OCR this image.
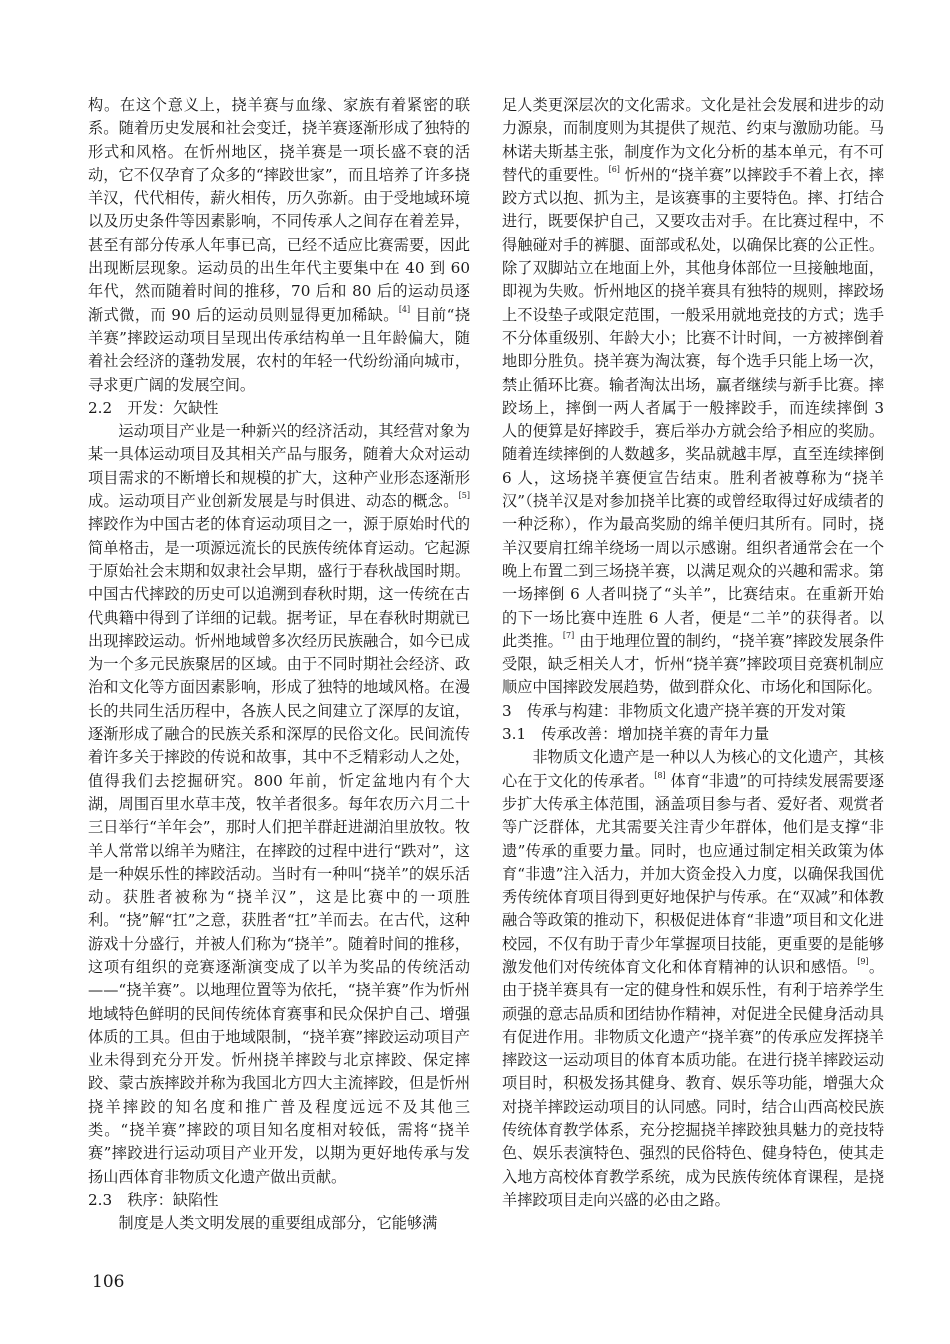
构。在这个意义上，挠羊赛与血缘、家族有着紧密的联系。随着历史发展和社会变迁，挠羊赛逐渐形成了独特的形式和风格。在忻州地区，挠羊赛是一项长盛不衰的活动，它不仅孕育了众多的“摔跤世家”，而且培养了许多挠羊汉，代代相传，薪火相传，历久弥新。由于受地域环境以及历史条件等因素影响，不同传承人之间存在着差异，甚至有部分传承人年事已高，已经不适应比赛需要，因此出现断层现象。运动员的出生年代主要集中在 40 到 60 年代，然而随着时间的推移，70 后和 80 后的运动员逐渐式微，而 90 后的运动员则显得更加稀缺。[4] 目前“挠羊赛”摔跤运动项目呈现出传承结构单一且年龄偏大，随着社会经济的蓬勃发展，农村的年轻一代纷纷涌向城市，寻求更广阔的发展空间。

2.2　开发：欠缺性

运动项目产业是一种新兴的经济活动，其经营对象为某一具体运动项目及其相关产品与服务，随着大众对运动项目需求的不断增长和规模的扩大，这种产业形态逐渐形成。运动项目产业创新发展是与时俱进、动态的概念。[5] 摔跤作为中国古老的体育运动项目之一，源于原始时代的简单格击，是一项源远流长的民族传统体育运动。它起源于原始社会末期和奴隶社会早期，盛行于春秋战国时期。中国古代摔跤的历史可以追溯到春秋时期，这一传统在古代典籍中得到了详细的记载。据考证，早在春秋时期就已出现摔跤运动。忻州地域曾多次经历民族融合，如今已成为一个多元民族聚居的区域。由于不同时期社会经济、政治和文化等方面因素影响，形成了独特的地域风格。在漫长的共同生活历程中，各族人民之间建立了深厚的友谊，逐渐形成了融合的民族关系和深厚的民俗文化。民间流传着许多关于摔跤的传说和故事，其中不乏精彩动人之处，值得我们去挖掘研究。800 年前，忻定盆地内有个大湖，周围百里水草丰茂，牧羊者很多。每年农历六月二十三日举行“羊年会”，那时人们把羊群赶进湖泊里放牧。牧羊人常常以绵羊为赌注，在摔跤的过程中进行“跌对”，这是一种娱乐性的摔跤活动。当时有一种叫“挠羊”的娱乐活动。获胜者被称为“挠羊汉”，这是比赛中的一项胜利。“挠”解“扛”之意，获胜者“扛”羊而去。在古代，这种游戏十分盛行，并被人们称为“挠羊”。随着时间的推移，这项有组织的竞赛逐渐演变成了以羊为奖品的传统活动——“挠羊赛”。以地理位置等为依托，“挠羊赛”作为忻州地域特色鲜明的民间传统体育赛事和民众保护自己、增强体质的工具。但由于地域限制，“挠羊赛”摔跤运动项目产业未得到充分开发。忻州挠羊摔跤与北京摔跤、保定摔跤、蒙古族摔跤并称为我国北方四大主流摔跤，但是忻州挠羊摔跤的知名度和推广普及程度远远不及其他三类。“挠羊赛”摔跤的项目知名度相对较低，需将“挠羊赛”摔跤进行运动项目产业开发，以期为更好地传承与发扬山西体育非物质文化遗产做出贡献。

2.3　秩序：缺陷性

制度是人类文明发展的重要组成部分，它能够满

足人类更深层次的文化需求。文化是社会发展和进步的动力源泉，而制度则为其提供了规范、约束与激励功能。马林诺夫斯基主张，制度作为文化分析的基本单元，有不可替代的重要性。[6] 忻州的“挠羊赛”以摔跤手不着上衣，摔跤方式以抱、抓为主，是该赛事的主要特色。摔、打结合进行，既要保护自己，又要攻击对手。在比赛过程中，不得触碰对手的裤腿、面部或私处，以确保比赛的公正性。除了双脚站立在地面上外，其他身体部位一旦接触地面，即视为失败。忻州地区的挠羊赛具有独特的规则，摔跤场上不设垫子或限定范围，一般采用就地竞技的方式；选手不分体重级别、年龄大小；比赛不计时间，一方被摔倒着地即分胜负。挠羊赛为淘汰赛，每个选手只能上场一次，禁止循环比赛。输者淘汰出场，赢者继续与新手比赛。摔跤场上，摔倒一两人者属于一般摔跤手，而连续摔倒 3 人的便算是好摔跤手，赛后举办方就会给予相应的奖励。随着连续摔倒的人数越多，奖品就越丰厚，直至连续摔倒 6 人，这场挠羊赛便宣告结束。胜利者被尊称为“挠羊汉”（挠羊汉是对参加挠羊比赛的或曾经取得过好成绩者的一种泛称），作为最高奖励的绵羊便归其所有。同时，挠羊汉要肩扛绵羊绕场一周以示感谢。组织者通常会在一个晚上布置二到三场挠羊赛，以满足观众的兴趣和需求。第一场摔倒 6 人者叫挠了“头羊”，比赛结束。在重新开始的下一场比赛中连胜 6 人者，便是“二羊”的获得者。以此类推。[7] 由于地理位置的制约，“挠羊赛”摔跤发展条件受限，缺乏相关人才，忻州“挠羊赛”摔跤项目竞赛机制应顺应中国摔跤发展趋势，做到群众化、市场化和国际化。

3　传承与构建：非物质文化遗产挠羊赛的开发对策
3.1　传承改善：增加挠羊赛的青年力量

非物质文化遗产是一种以人为核心的文化遗产，其核心在于文化的传承者。[8] 体育“非遗”的可持续发展需要逐步扩大传承主体范围，涵盖项目参与者、爱好者、观赏者等广泛群体，尤其需要关注青少年群体，他们是支撑“非遗”传承的重要力量。同时，也应通过制定相关政策为体育“非遗”注入活力，并加大资金投入力度，以确保我国优秀传统体育项目得到更好地保护与传承。在“双减”和体教融合等政策的推动下，积极促进体育“非遗”项目和文化进校园，不仅有助于青少年掌握项目技能，更重要的是能够激发他们对传统体育文化和体育精神的认识和感悟。[9]。由于挠羊赛具有一定的健身性和娱乐性，有利于培养学生顽强的意志品质和团结协作精神，对促进全民健身活动具有促进作用。非物质文化遗产“挠羊赛”的传承应发挥挠羊摔跤这一运动项目的体育本质功能。在进行挠羊摔跤运动项目时，积极发扬其健身、教育、娱乐等功能，增强大众对挠羊摔跤运动项目的认同感。同时，结合山西高校民族传统体育教学体系，充分挖掘挠羊摔跤独具魅力的竞技特色、娱乐表演特色、强烈的民俗特色、健身特色，使其走入地方高校体育教学系统，成为民族传统体育课程，是挠羊摔跤项目走向兴盛的必由之路。

106
